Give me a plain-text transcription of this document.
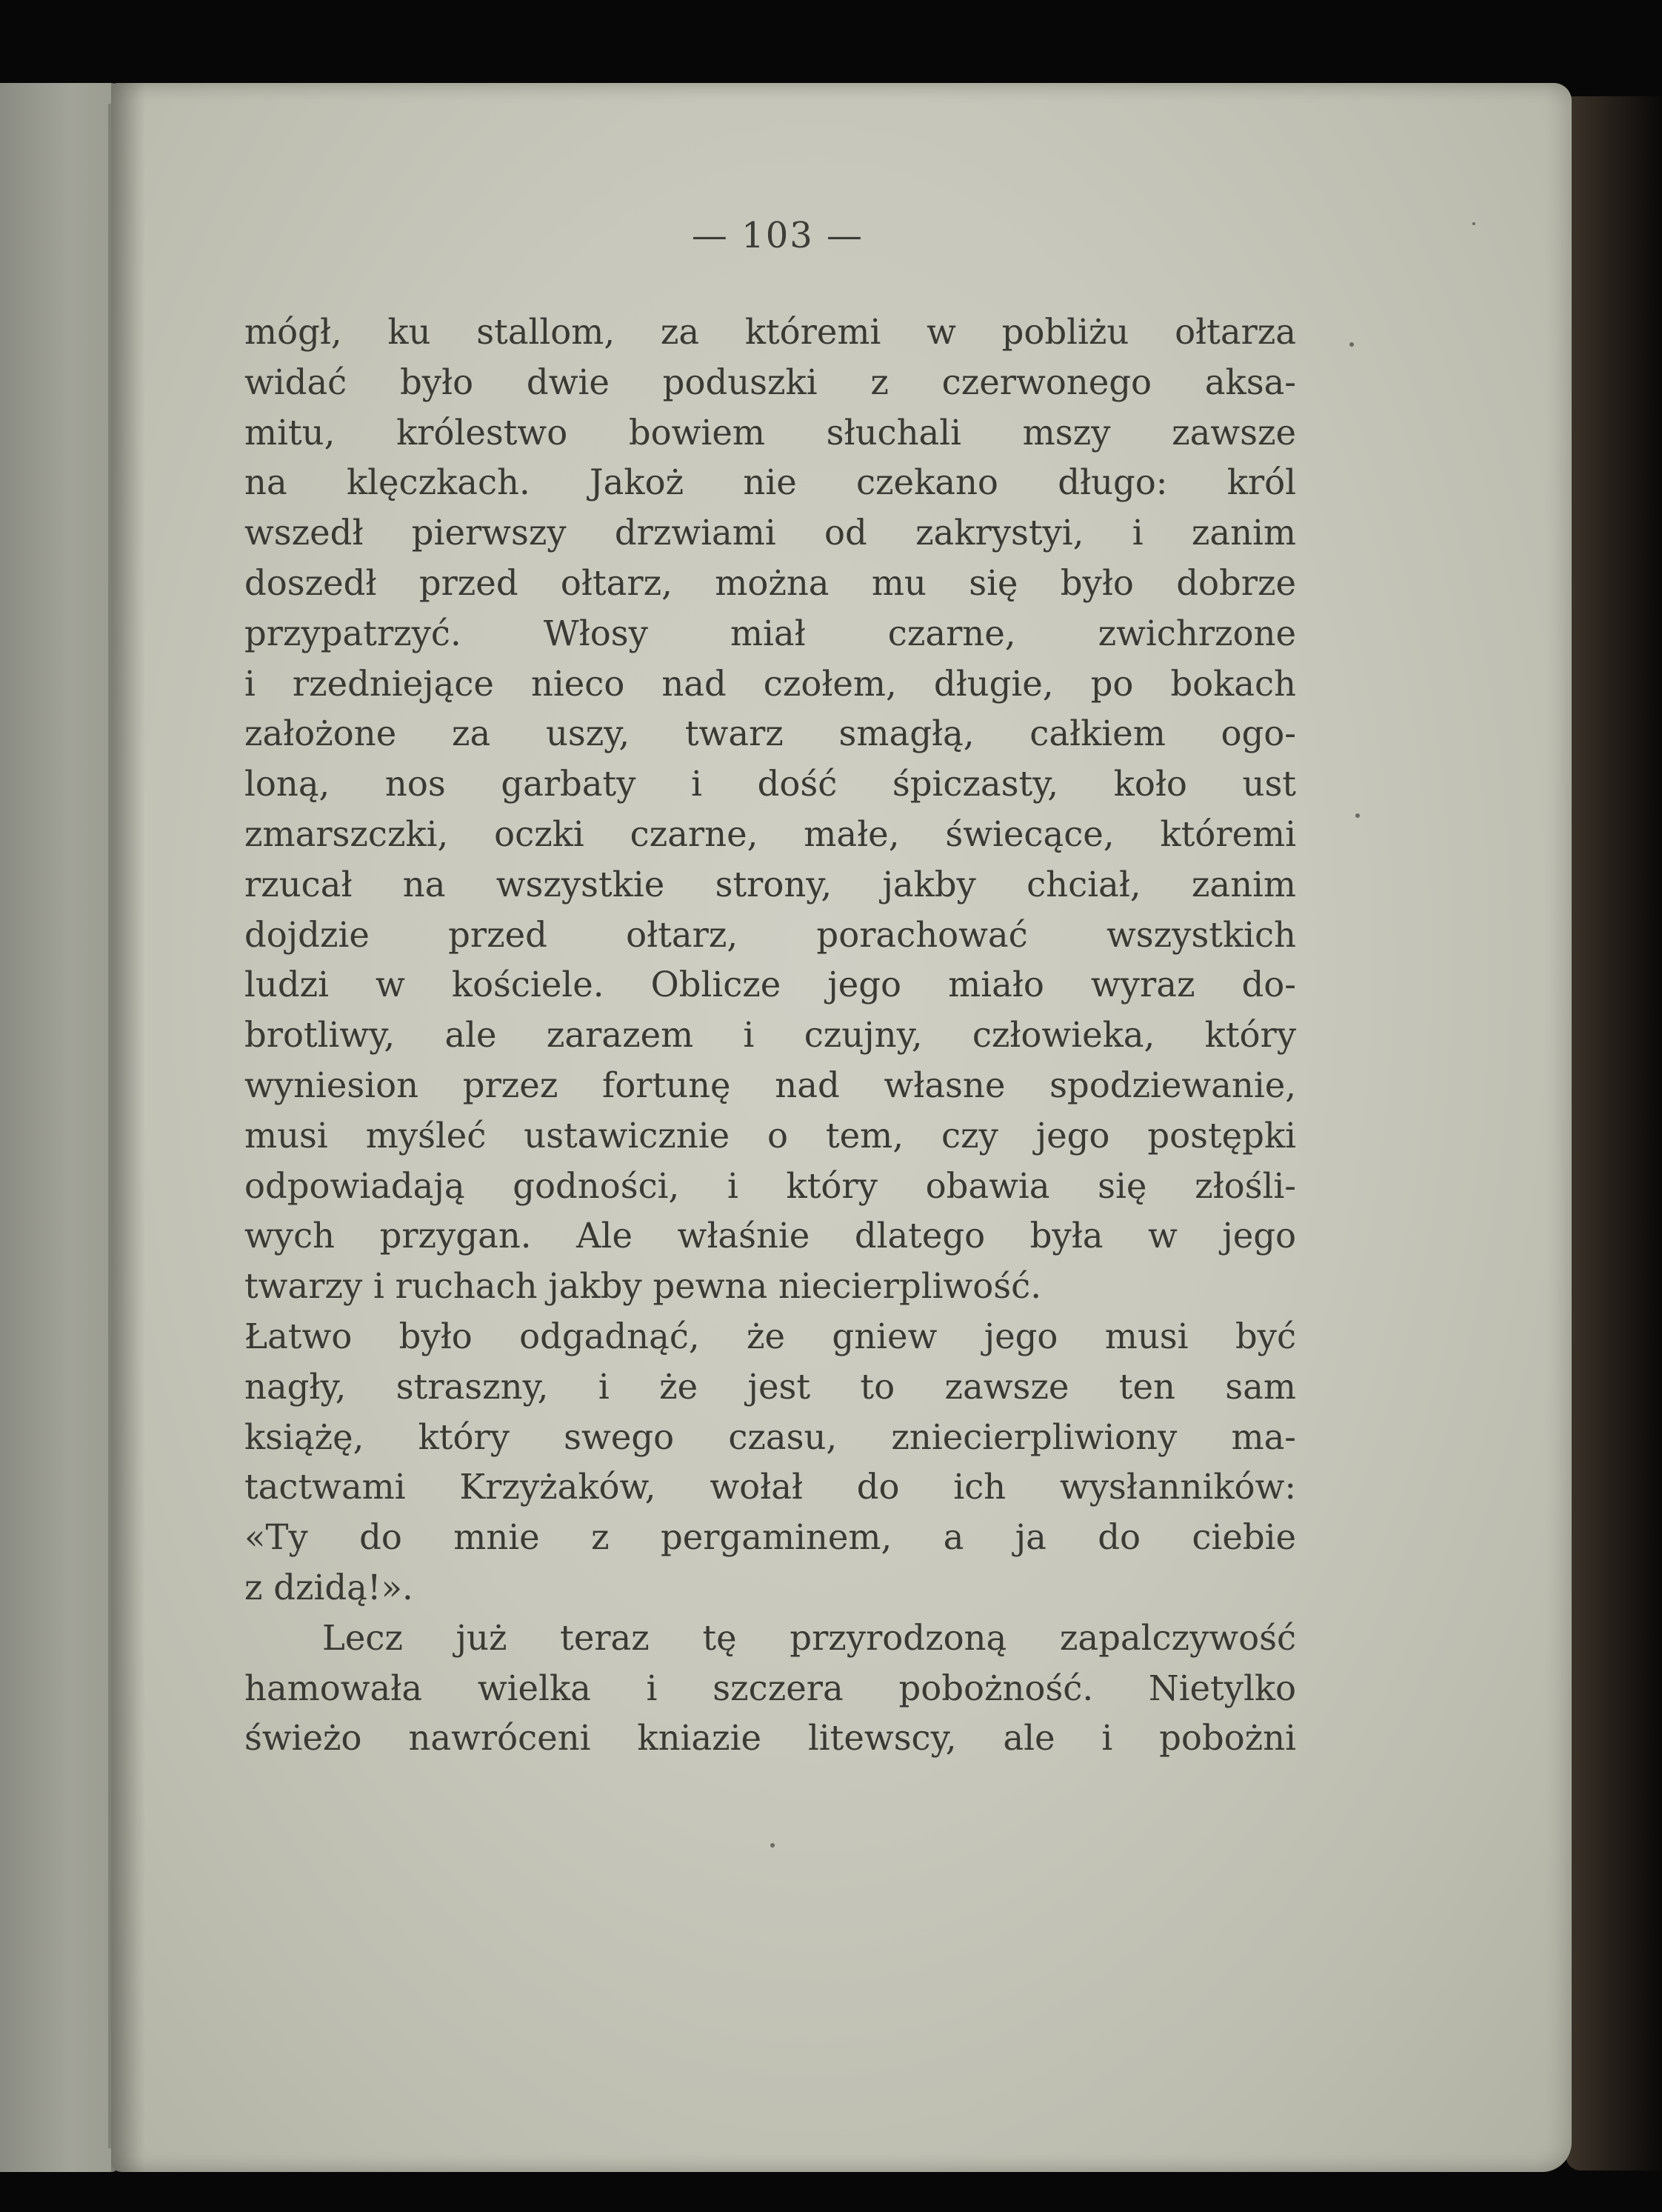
— 103 —
mógł, ku stallom, za któremi w pobliżu ołtarza
widać było dwie poduszki z czerwonego aksa-
mitu, królestwo bowiem słuchali mszy zawsze
na klęczkach. Jakoż nie czekano długo: król
wszedł pierwszy drzwiami od zakrystyi, i zanim
doszedł przed ołtarz, można mu się było dobrze
przypatrzyć. Włosy miał czarne, zwichrzone
i rzedniejące nieco nad czołem, długie, po bokach
założone za uszy, twarz smagłą, całkiem ogo-
loną, nos garbaty i dość śpiczasty, koło ust
zmarszczki, oczki czarne, małe, świecące, któremi
rzucał na wszystkie strony, jakby chciał, zanim
dojdzie przed ołtarz, porachować wszystkich
ludzi w kościele. Oblicze jego miało wyraz do-
brotliwy, ale zarazem i czujny, człowieka, który
wyniesion przez fortunę nad własne spodziewanie,
musi myśleć ustawicznie o tem, czy jego postępki
odpowiadają godności, i który obawia się złośli-
wych przygan. Ale właśnie dlatego była w jego
twarzy i ruchach jakby pewna niecierpliwość.
Łatwo było odgadnąć, że gniew jego musi być
nagły, straszny, i że jest to zawsze ten sam
książę, który swego czasu, zniecierpliwiony ma-
tactwami Krzyżaków, wołał do ich wysłanników:
«Ty do mnie z pergaminem, a ja do ciebie
z dzidą!».
Lecz już teraz tę przyrodzoną zapalczywość
hamowała wielka i szczera pobożność. Nietylko
świeżo nawróceni kniazie litewscy, ale i pobożni
